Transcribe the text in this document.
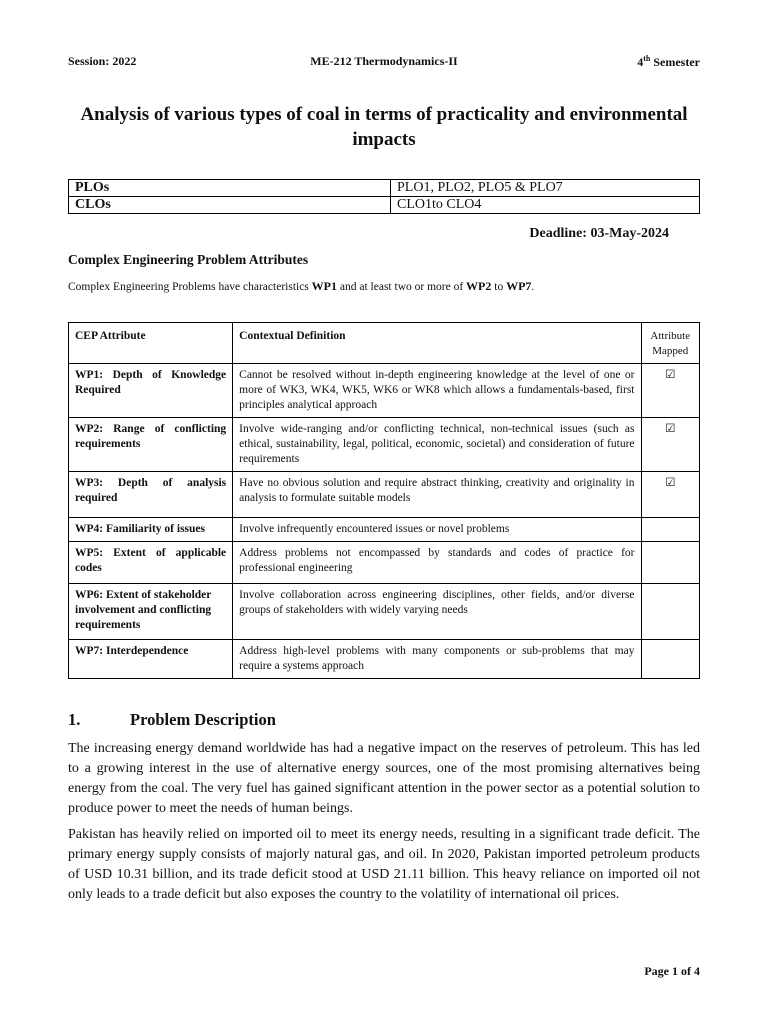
Session: 2022	ME-212 Thermodynamics-II	4th Semester
Analysis of various types of coal in terms of practicality and environmental impacts
PLOs	PLO1, PLO2, PLO5 & PLO7
CLOs	CLO1to CLO4
Deadline: 03-May-2024
Complex Engineering Problem Attributes
Complex Engineering Problems have characteristics WP1 and at least two or more of WP2 to WP7.
CEP Attribute	Contextual Definition	Attribute Mapped
WP1: Depth of Knowledge Required	Cannot be resolved without in-depth engineering knowledge at the level of one or more of WK3, WK4, WK5, WK6 or WK8 which allows a fundamentals-based, first principles analytical approach	☑
WP2: Range of conflicting requirements	Involve wide-ranging and/or conflicting technical, non-technical issues (such as ethical, sustainability, legal, political, economic, societal) and consideration of future requirements	☑
WP3: Depth of analysis required	Have no obvious solution and require abstract thinking, creativity and originality in analysis to formulate suitable models	☑
WP4: Familiarity of issues	Involve infrequently encountered issues or novel problems	
WP5: Extent of applicable codes	Address problems not encompassed by standards and codes of practice for professional engineering	
WP6: Extent of stakeholder involvement and conflicting requirements	Involve collaboration across engineering disciplines, other fields, and/or diverse groups of stakeholders with widely varying needs	
WP7: Interdependence	Address high-level problems with many components or sub-problems that may require a systems approach	
1.	Problem Description
The increasing energy demand worldwide has had a negative impact on the reserves of petroleum. This has led to a growing interest in the use of alternative energy sources, one of the most promising alternatives being energy from the coal. The very fuel has gained significant attention in the power sector as a potential solution to produce power to meet the needs of human beings.
Pakistan has heavily relied on imported oil to meet its energy needs, resulting in a significant trade deficit. The primary energy supply consists of majorly natural gas, and oil. In 2020, Pakistan imported petroleum products of USD 10.31 billion, and its trade deficit stood at USD 21.11 billion. This heavy reliance on imported oil not only leads to a trade deficit but also exposes the country to the volatility of international oil prices.
Page 1 of 4
